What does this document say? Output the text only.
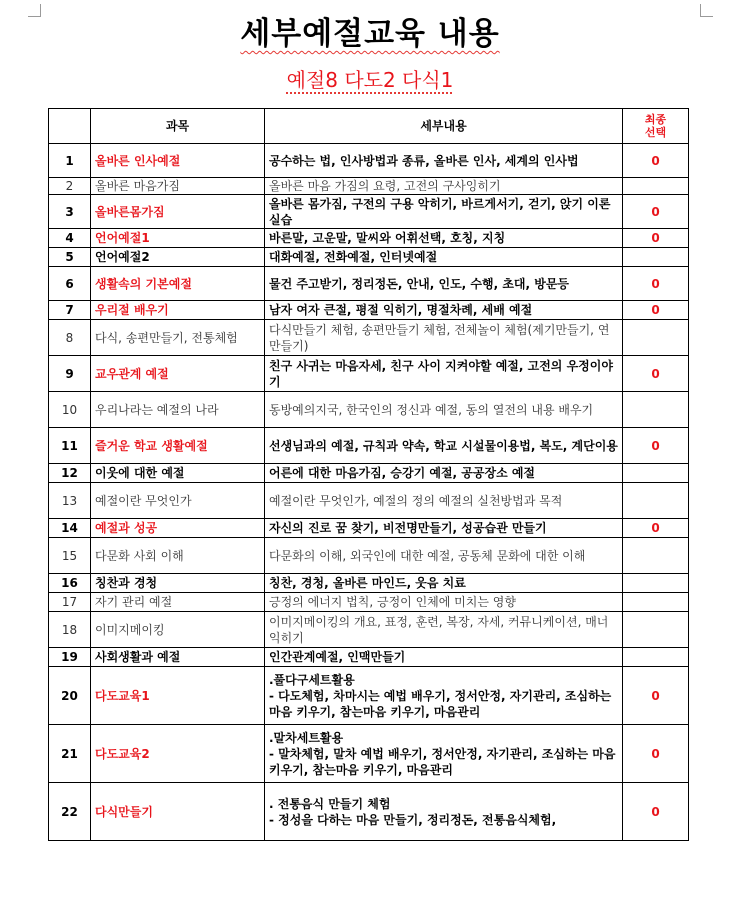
세부예절교육 내용
예절8 다도2 다식1
	과목	세부내용	최종
선택
1	올바른 인사예절	공수하는 법, 인사방법과 종류, 올바른 인사, 세계의 인사법	0
2	올바른 마음가짐	올바른 마음 가짐의 요령, 고전의 구사잉히기	
3	올바른몸가짐	올바른 몸가짐, 구전의 구용 악히기, 바르게서기, 걷기, 앉기 이론 실습	0
4	언어예절1	바른말, 고운말, 말씨와 어휘선택, 호칭, 지칭	0
5	언어예절2	대화예절, 전화예절, 인터넷예절	
6	생활속의 기본예절	물건 주고받기, 정리정돈, 안내, 인도, 수행, 초대, 방문등	0
7	우리절 배우기	남자 여자 큰절, 평절 익히기, 명절차례, 세배 예절	0
8	다식, 송편만들기, 전통체험	다식만들기 체험, 송편만들기 체험, 전체놀이 체험(제기만들기, 연 만들기)	
9	교우관계 예절	친구 사귀는 마음자세, 친구 사이 지켜야할 예절, 고전의 우정이야기	0
10	우리나라는 예절의 나라	동방예의지국, 한국인의 정신과 예절, 동의 열전의 내용 배우기	
11	즐거운 학교 생활예절	선생님과의 예절, 규칙과 약속, 학교 시설물이용법, 복도, 계단이용	0
12	이웃에 대한 예절	어른에 대한 마음가짐, 승강기 예절, 공공장소 예절	
13	예절이란 무엇인가	예절이란 무엇인가, 예절의 정의 예절의 실천방법과 목적	
14	예절과 성공	자신의 진로 꿈 찾기, 비전명만들기, 성공습관 만들기	0
15	다문화 사회 이해	다문화의 이해, 외국인에 대한 예절, 공동체 문화에 대한 이해	
16	칭찬과 경청	칭찬, 경청, 올바른 마인드, 웃음 치료	
17	자기 관리 예절	긍정의 에너지 법칙, 긍정이 인체에 미치는 영향	
18	이미지메이킹	이미지메이킹의 개요, 표정, 훈련, 복장, 자세, 커뮤니케이션, 매너 익히기	
19	사회생활과 예절	인간관계예절, 인맥만들기	
20	다도교육1	.풀다구세트활용
- 다도체험, 차마시는 예법 배우기, 정서안정, 자기관리, 조심하는 마음 키우기, 참는마음 키우기, 마음관리	0
21	다도교육2	.말차세트활용
- 말차체험, 말차 예법 배우기, 정서안정, 자기관리, 조심하는 마음 키우기, 참는마음 키우기, 마음관리	0
22	다식만들기	. 전통음식 만들기 체험
- 정성을 다하는 마음 만들기, 정리정돈, 전통음식체험,	0
